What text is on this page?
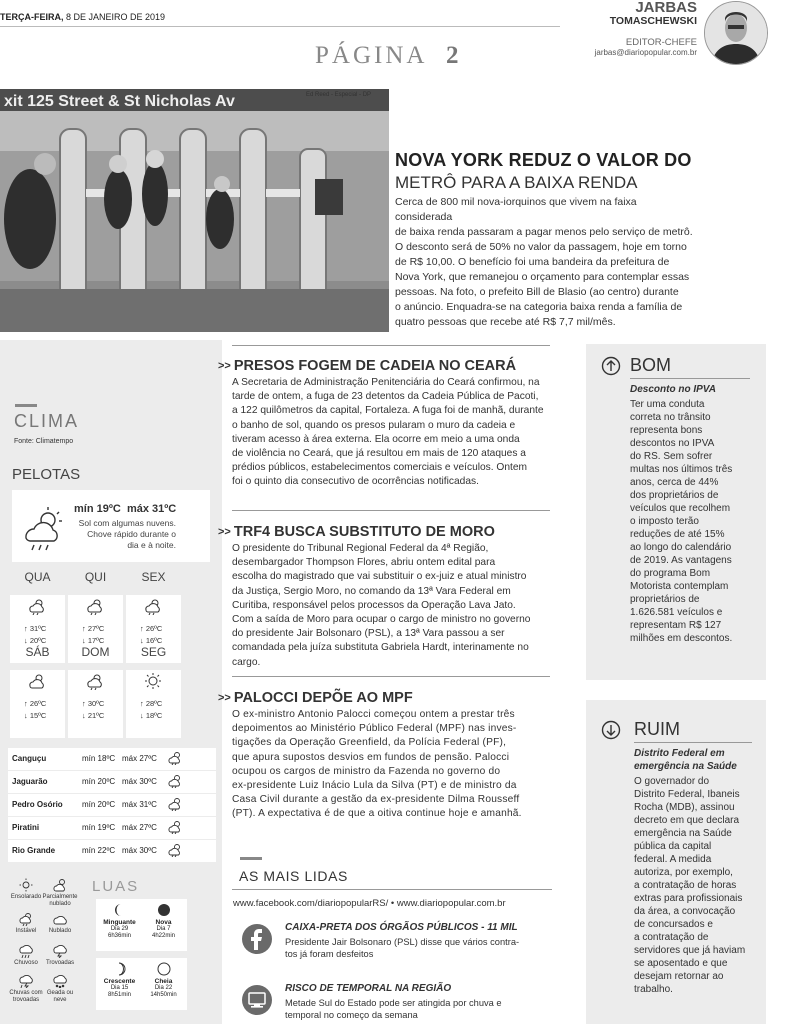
TERÇA-FEIRA, 8 DE JANEIRO DE 2019
PÁGINA 2
JARBAS
TOMASCHEWSKI
EDITOR-CHEFE
jarbas@diariopopular.com.br
xit 125 Street & St Nicholas Av	Ed Reed - Especial - DP
NOVA YORK REDUZ O VALOR DO
METRÔ PARA A BAIXA RENDA
Cerca de 800 mil nova-iorquinos que vivem na faixa considerada
de baixa renda passaram a pagar menos pelo serviço de metrô.
O desconto será de 50% no valor da passagem, hoje em torno
de R$ 10,00. O benefício foi uma bandeira da prefeitura de
Nova York, que remanejou o orçamento para contemplar essas
pessoas. Na foto, o prefeito Bill de Blasio (ao centro) durante
o anúncio. Enquadra-se na categoria baixa renda a família de
quatro pessoas que recebe até R$ 7,7 mil/mês.
CLIMA
Fonte: Climatempo
PELOTAS
mín 19ºC máx 31ºC
Sol com algumas nuvens.
Chove rápido durante o
dia e à noite.
QUA
↑ 31ºC
↓ 20ºC
QUI
↑ 27ºC
↓ 17ºC
SEX
↑ 26ºC
↓ 16ºC
SÁB
↑ 26ºC
↓ 15ºC
DOM
↑ 30ºC
↓ 21ºC
SEG
↑ 28ºC
↓ 18ºC
Canguçu	mín 18ºC máx 27ºC
Jaguarão	mín 20ºC máx 30ºC
Pedro Osório mín 20ºC máx 31ºC
Piratini	mín 19ºC máx 27ºC
Rio Grande	mín 22ºC máx 30ºC
Ensolarado Parcialmente nublado
Instável	Nublado
Chuvoso	Trovoadas
Chuvas com trovoadas
Geada ou neve
LUAS
Minguante
Dia 29
6h36min
Nova
Dia 7
4h22min
Crescente
Dia 15
8h51min
Cheia
Dia 22
14h50min
>> PRESOS FOGEM DE CADEIA NO CEARÁ
A Secretaria de Administração Penitenciária do Ceará confirmou, na
tarde de ontem, a fuga de 23 detentos da Cadeia Pública de Pacoti,
a 122 quilômetros da capital, Fortaleza. A fuga foi de manhã, durante
o banho de sol, quando os presos pularam o muro da cadeia e
tiveram acesso à área externa. Ela ocorre em meio a uma onda
de violência no Ceará, que já resultou em mais de 120 ataques a
prédios públicos, estabelecimentos comerciais e veículos. Ontem
foi o quinto dia consecutivo de ocorrências notificadas.
>> TRF4 BUSCA SUBSTITUTO DE MORO
O presidente do Tribunal Regional Federal da 4ª Região,
desembargador Thompson Flores, abriu ontem edital para
escolha do magistrado que vai substituir o ex-juiz e atual ministro
da Justiça, Sergio Moro, no comando da 13ª Vara Federal em
Curitiba, responsável pelos processos da Operação Lava Jato.
Com a saída de Moro para ocupar o cargo de ministro no governo
do presidente Jair Bolsonaro (PSL), a 13ª Vara passou a ser
comandada pela juíza substituta Gabriela Hardt, interinamente no
cargo.
>> PALOCCI DEPÕE AO MPF
O ex-ministro Antonio Palocci começou ontem a prestar três
depoimentos ao Ministério Público Federal (MPF) nas inves-
tigações da Operação Greenfield, da Polícia Federal (PF),
que apura supostos desvios em fundos de pensão. Palocci
ocupou os cargos de ministro da Fazenda no governo do
ex-presidente Luiz Inácio Lula da Silva (PT) e de ministro da
Casa Civil durante a gestão da ex-presidente Dilma Rousseff
(PT). A expectativa é de que a oitiva continue hoje e amanhã.
BOM
Desconto no IPVA
Ter uma conduta
correta no trânsito
representa bons
descontos no IPVA
do RS. Sem sofrer
multas nos últimos três
anos, cerca de 44%
dos proprietários de
veículos que recolhem
o imposto terão
reduções de até 15%
ao longo do calendário
de 2019. As vantagens
do programa Bom
Motorista contemplam
proprietários de
1.626.581 veículos e
representam R$ 127
milhões em descontos.
RUIM
Distrito Federal em
emergência na Saúde
O governador do
Distrito Federal, Ibaneis
Rocha (MDB), assinou
decreto em que declara
emergência na Saúde
pública da capital
federal. A medida
autoriza, por exemplo,
a contratação de horas
extras para profissionais
da área, a convocação
de concursados e
a contratação de
servidores que já haviam
se aposentado e que
desejam retornar ao
trabalho.
AS MAIS LIDAS
www.facebook.com/diariopopularRS/ • www.diariopopular.com.br
CAIXA-PRETA DOS ÓRGÃOS PÚBLICOS - 11 MIL
Presidente Jair Bolsonaro (PSL) disse que vários contra-
tos já foram desfeitos
RISCO DE TEMPORAL NA REGIÃO
Metade Sul do Estado pode ser atingida por chuva e
temporal no começo da semana
